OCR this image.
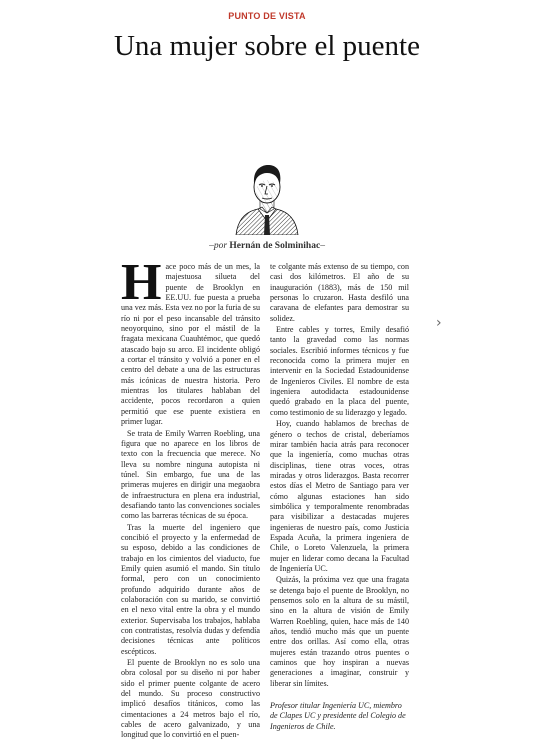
PUNTO DE VISTA
Una mujer sobre el puente
–por Hernán de Solminihac–

Hace poco más de un mes, la majestuosa silueta del puente de Brooklyn en EE.UU. fue puesta a prueba una vez más. Esta vez no por la furia de su río ni por el peso incansable del tránsito neoyorquino, sino por el mástil de la fragata mexicana Cuauhtémoc, que quedó atascado bajo su arco. El incidente obligó a cortar el tránsito y volvió a poner en el centro del debate a una de las estructuras más icónicas de nuestra historia. Pero mientras los titulares hablaban del accidente, pocos recordaron a quien permitió que ese puente existiera en primer lugar.

Se trata de Emily Warren Roebling, una figura que no aparece en los libros de texto con la frecuencia que merece. No lleva su nombre ninguna autopista ni túnel. Sin embargo, fue una de las primeras mujeres en dirigir una megaobra de infraestructura en plena era industrial, desafiando tanto las convenciones sociales como las barreras técnicas de su época.

Tras la muerte del ingeniero que concibió el proyecto y la enfermedad de su esposo, debido a las condiciones de trabajo en los cimientos del viaducto, fue Emily quien asumió el mando. Sin título formal, pero con un conocimiento profundo adquirido durante años de colaboración con su marido, se convirtió en el nexo vital entre la obra y el mundo exterior. Supervisaba los trabajos, hablaba con contratistas, resolvía dudas y defendía decisiones técnicas ante políticos escépticos.

El puente de Brooklyn no es solo una obra colosal por su diseño ni por haber sido el primer puente colgante de acero del mundo. Su proceso constructivo implicó desafíos titánicos, como las cimentaciones a 24 metros bajo el río, cables de acero galvanizado, y una longitud que lo convirtió en el puen-

te colgante más extenso de su tiempo, con casi dos kilómetros. El año de su inauguración (1883), más de 150 mil personas lo cruzaron. Hasta desfiló una caravana de elefantes para demostrar su solidez.

Entre cables y torres, Emily desafió tanto la gravedad como las normas sociales. Escribió informes técnicos y fue reconocida como la primera mujer en intervenir en la Sociedad Estadounidense de Ingenieros Civiles. El nombre de esta ingeniera autodidacta estadounidense quedó grabado en la placa del puente, como testimonio de su liderazgo y legado.

Hoy, cuando hablamos de brechas de género o techos de cristal, deberíamos mirar también hacia atrás para reconocer que la ingeniería, como muchas otras disciplinas, tiene otras voces, otras miradas y otros liderazgos. Basta recorrer estos días el Metro de Santiago para ver cómo algunas estaciones han sido simbólica y temporalmente renombradas para visibilizar a destacadas mujeres ingenieras de nuestro país, como Justicia Espada Acuña, la primera ingeniera de Chile, o Loreto Valenzuela, la primera mujer en liderar como decana la Facultad de Ingeniería UC.

Quizás, la próxima vez que una fragata se detenga bajo el puente de Brooklyn, no pensemos solo en la altura de su mástil, sino en la altura de visión de Emily Warren Roebling, quien, hace más de 140 años, tendió mucho más que un puente entre dos orillas. Así como ella, otras mujeres están trazando otros puentes o caminos que hoy inspiran a nuevas generaciones a imaginar, construir y liberar sin límites.

Profesor titular Ingeniería UC, miembro de Clapes UC y presidente del Colegio de Ingenieros de Chile.

›
